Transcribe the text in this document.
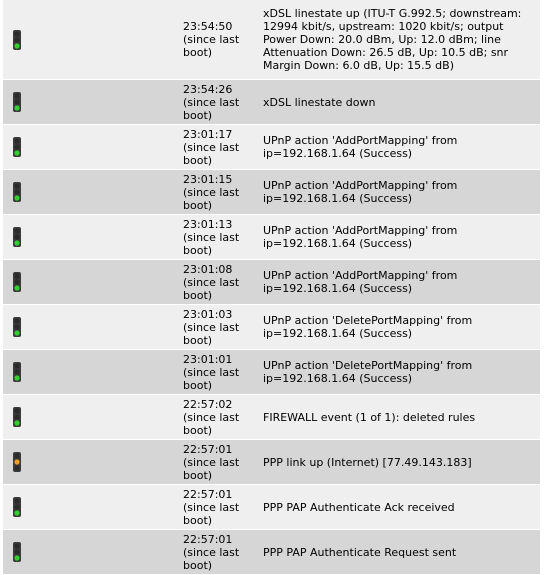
23:54:50
(since last boot)
xDSL linestate up (ITU-T G.992.5; downstream: 12994 kbit/s, upstream: 1020 kbit/s; output Power Down: 20.0 dBm, Up: 12.0 dBm; line Attenuation Down: 26.5 dB, Up: 10.5 dB; snr Margin Down: 6.0 dB, Up: 15.5 dB)
23:54:26
(since last boot)
xDSL linestate down
23:01:17
(since last boot)
UPnP action 'AddPortMapping' from ip=192.168.1.64 (Success)
23:01:15
(since last boot)
UPnP action 'AddPortMapping' from ip=192.168.1.64 (Success)
23:01:13
(since last boot)
UPnP action 'AddPortMapping' from ip=192.168.1.64 (Success)
23:01:08
(since last boot)
UPnP action 'AddPortMapping' from ip=192.168.1.64 (Success)
23:01:03
(since last boot)
UPnP action 'DeletePortMapping' from ip=192.168.1.64 (Success)
23:01:01
(since last boot)
UPnP action 'DeletePortMapping' from ip=192.168.1.64 (Success)
22:57:02
(since last boot)
FIREWALL event (1 of 1): deleted rules
22:57:01
(since last boot)
PPP link up (Internet) [77.49.143.183]
22:57:01
(since last boot)
PPP PAP Authenticate Ack received
22:57:01
(since last boot)
PPP PAP Authenticate Request sent
